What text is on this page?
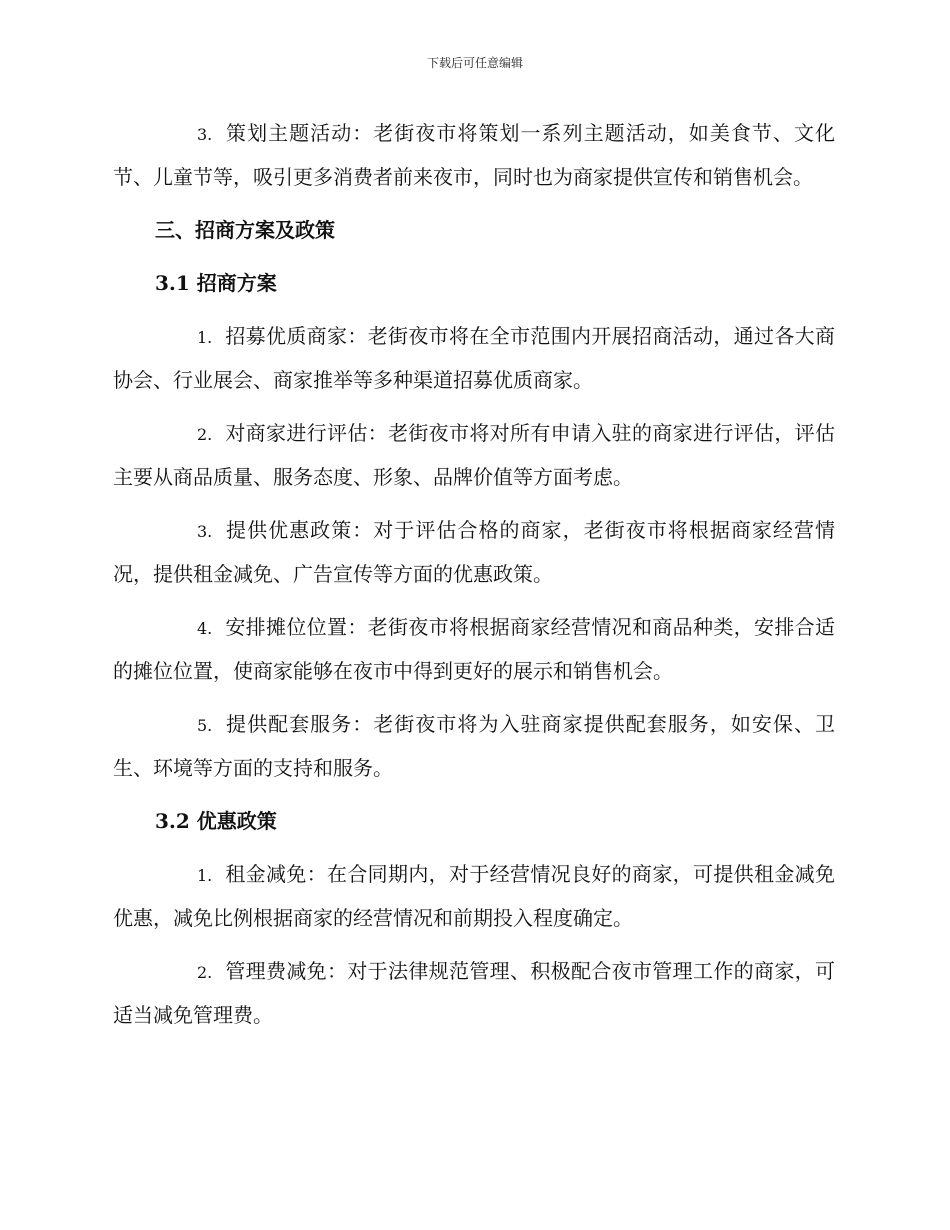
下载后可任意编辑

3. 策划主题活动：老街夜市将策划一系列主题活动，如美食节、文化节、儿童节等，吸引更多消费者前来夜市，同时也为商家提供宣传和销售机会。

三、招商方案及政策
3.1 招商方案

1. 招募优质商家：老街夜市将在全市范围内开展招商活动，通过各大商协会、行业展会、商家推举等多种渠道招募优质商家。

2. 对商家进行评估：老街夜市将对所有申请入驻的商家进行评估，评估主要从商品质量、服务态度、形象、品牌价值等方面考虑。

3. 提供优惠政策：对于评估合格的商家，老街夜市将根据商家经营情况，提供租金减免、广告宣传等方面的优惠政策。

4. 安排摊位位置：老街夜市将根据商家经营情况和商品种类，安排合适的摊位位置，使商家能够在夜市中得到更好的展示和销售机会。

5. 提供配套服务：老街夜市将为入驻商家提供配套服务，如安保、卫生、环境等方面的支持和服务。

3.2 优惠政策

1. 租金减免：在合同期内，对于经营情况良好的商家，可提供租金减免优惠，减免比例根据商家的经营情况和前期投入程度确定。

2. 管理费减免：对于法律规范管理、积极配合夜市管理工作的商家，可适当减免管理费。
